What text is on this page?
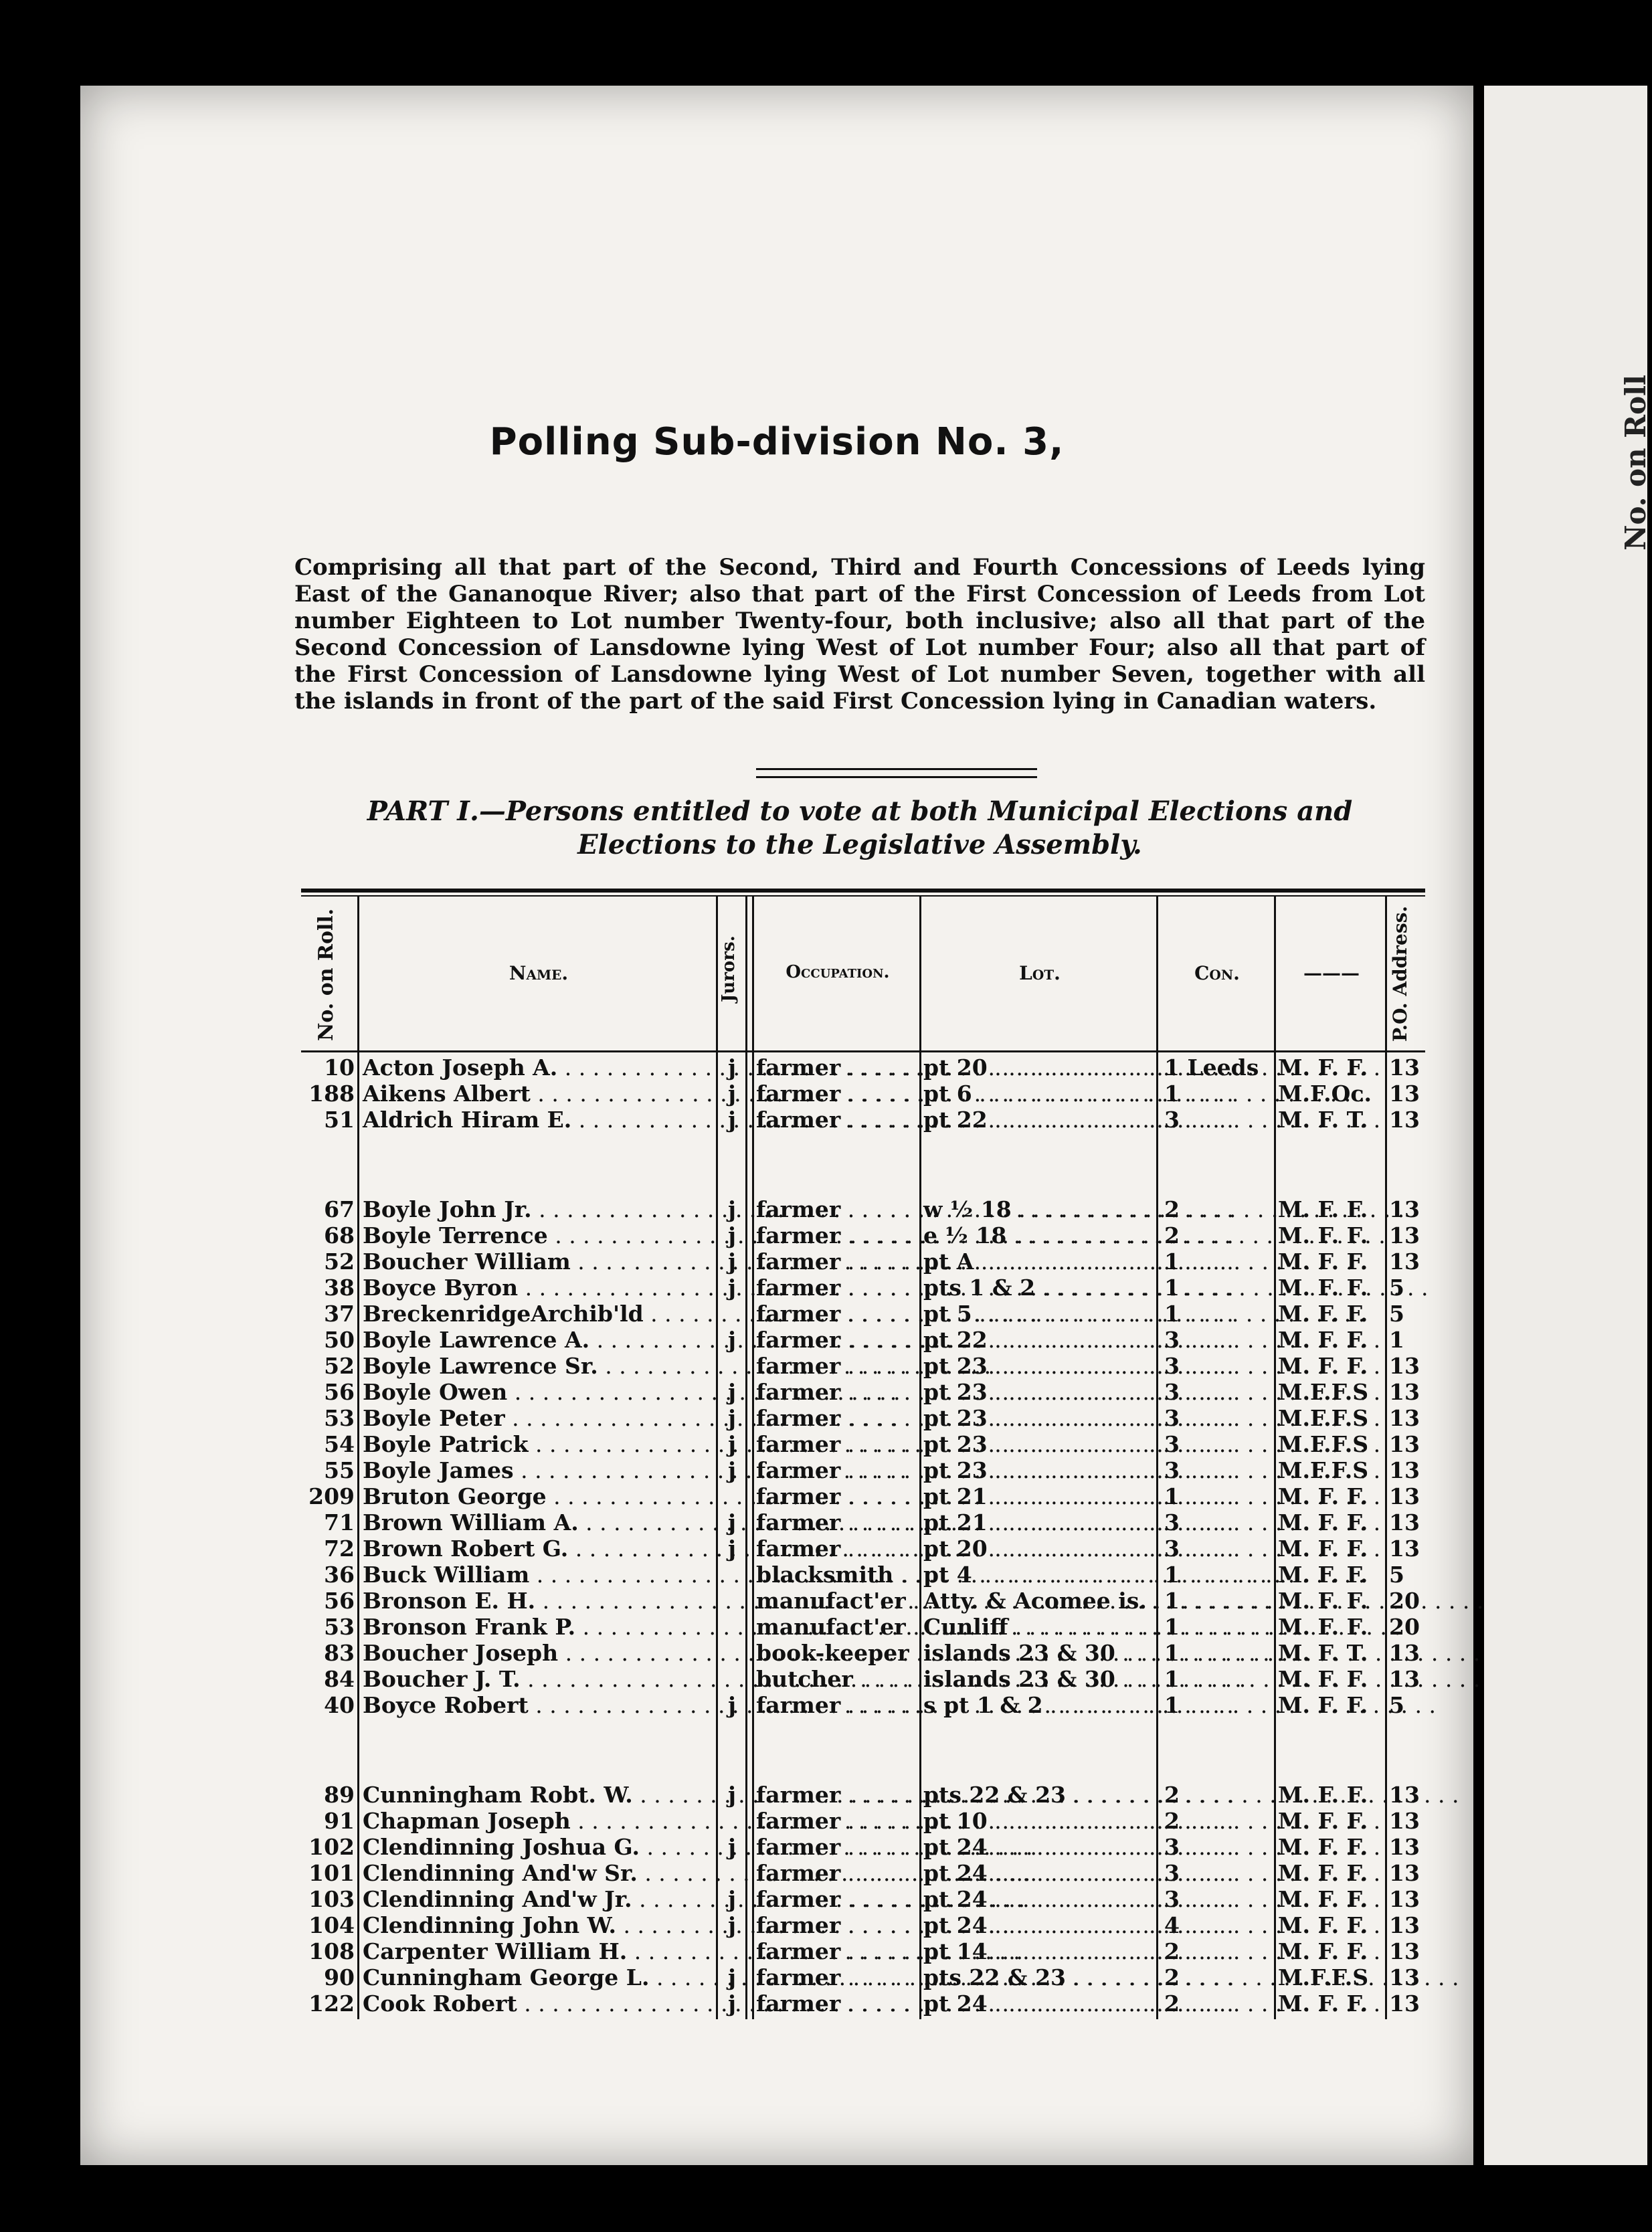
Polling Sub-division No. 3,
Comprising all that part of the Second, Third and Fourth Concessions of Leeds lying East of the Gananoque River; also that part of the First Concession of Leeds from Lot number Eighteen to Lot number Twenty-four, both inclusive; also all that part of the Second Concession of Lansdowne lying West of Lot number Four; also all that part of the First Concession of Lansdowne lying West of Lot number Seven, together with all the islands in front of the part of the said First Concession lying in Canadian waters.
PART I.—Persons entitled to vote at both Municipal Elections and
Elections to the Legislative Assembly.
No. on Roll.	Name.	Jurors.	Occupation.	Lot.	Con.	———	P.O. Address.
10 Acton Joseph A. . . .	j farmer . . .	pt 20 . . .	1 Leeds M. F. F. 13
188 Aikens Albert . . .	j farmer . . .	pt 6 . . .	1	M.F.Oc. 13
51 Aldrich Hiram E. . . .	j farmer . . .	pt 22 . . .	3	M. F. T. 13
67 Boyle John Jr. . . .	j farmer . . .	w ½ 18 . . .	2	M. F. F. 13
68 Boyle Terrence . . .	j farmer . . .	e ½ 18 . . .	2	M. F. F. 13
52 Boucher William . . .	j farmer . . .	pt A . . .	1	M. F. F. 13
38 Boyce Byron . . .	j farmer . . .	pts 1 & 2 . . .	1	M. F. F. 5
37 BreckenridgeArchib'ld . . .	farmer . . .	pt 5 . . .	1	M. F. F. 5
50 Boyle Lawrence A. . . .	j farmer . . .	pt 22 . . .	3	M. F. F. 1
52 Boyle Lawrence Sr. . . .	farmer . . .	pt 23 . . .	3	M. F. F. 13
56 Boyle Owen . . .	j farmer . . .	pt 23 . . .	3	M.F.F.S 13
53 Boyle Peter . . .	j farmer . . .	pt 23 . . .	3	M.F.F.S 13
54 Boyle Patrick . . .	j farmer . . .	pt 23 . . .	3	M.F.F.S 13
55 Boyle James . . .	j farmer . . .	pt 23 . . .	3	M.F.F.S 13
209 Bruton George . . .	farmer . . .	pt 21 . . .	1	M. F. F. 13
71 Brown William A. . . .	j farmer . . .	pt 21 . . .	3	M. F. F. 13
72 Brown Robert G. . . .	j farmer . . .	pt 20 . . .	3	M. F. F. 13
36 Buck William . . .	blacksmith . . .	pt 4 . . .	1	M. F. F. 5
56 Bronson E. H. . . .	manufact'er . . . Atty. & Acomee is. . . . 1	M. F. F. 20
53 Bronson Frank P. . . .	manufact'er . . . Cunliff . . .	1	M. F. F. 20
83 Boucher Joseph . . .	book-keeper . . . islands 23 & 30 . . .	1	M. F. T. 13
84 Boucher J. T. . . .	butcher . . .	islands 23 & 30 . . .	1	M. F. F. 13
40 Boyce Robert . . .	j farmer . . .	s pt 1 & 2 . . .	1	M. F. F. 5
89 Cunningham Robt. W. . . .	j farmer . . .	pts 22 & 23 . . .	2	M. F. F. 13
91 Chapman Joseph . . .	farmer . . .	pt 10 . . .	2	M. F. F. 13
102 Clendinning Joshua G. . . .	j farmer . . .	pt 24 . . .	3	M. F. F. 13
101 Clendinning And'w Sr. . . .	farmer . . .	pt 24 . . .	3	M. F. F. 13
103 Clendinning And'w Jr. . . .	j farmer . . .	pt 24 . . .	3	M. F. F. 13
104 Clendinning John W. . . .	j farmer . . .	pt 24 . . .	4	M. F. F. 13
108 Carpenter William H. . . .	farmer . . .	pt 14 . . .	2	M. F. F. 13
90 Cunningham George L. . . .	j farmer . . .	pts 22 & 23 . . .	2	M.F.F.S 13
122 Cook Robert . . .	j farmer . . .	pt 24 . . .	2	M. F. F. 13
No. on Roll
